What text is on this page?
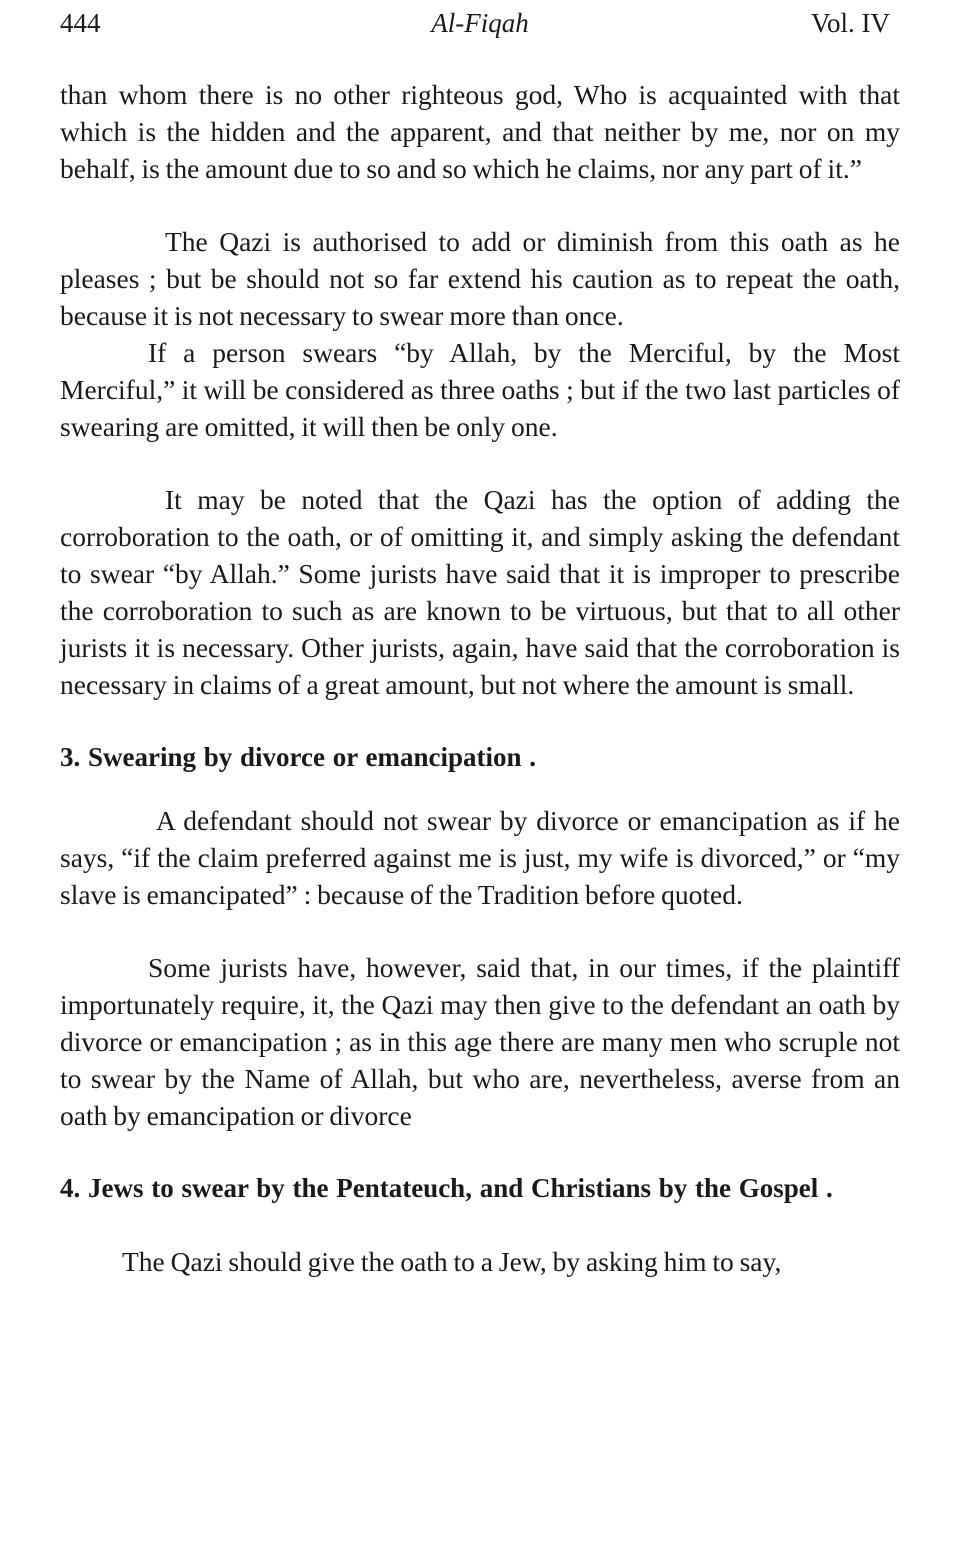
444	Al-Fiqah	Vol. IV

than whom there is no other righteous god, Who is acquainted with that which is the hidden and the apparent, and that neither by me, nor on my behalf, is the amount due to so and so which he claims, nor any part of it.”

The Qazi is authorised to add or diminish from this oath as he pleases ; but be should not so far extend his caution as to repeat the oath, because it is not necessary to swear more than once.

If a person swears “by Allah, by the Merciful, by the Most Merciful,” it will be considered as three oaths ; but if the two last particles of swearing are omitted, it will then be only one.

It may be noted that the Qazi has the option of adding the corroboration to the oath, or of omitting it, and simply asking the defendant to swear “by Allah.” Some jurists have said that it is improper to prescribe the corroboration to such as are known to be virtuous, but that to all other jurists it is necessary. Other jurists, again, have said that the corroboration is necessary in claims of a great amount, but not where the amount is small.

3. Swearing by divorce or emancipation .

A defendant should not swear by divorce or emancipation as if he says, “if the claim preferred against me is just, my wife is divorced,” or “my slave is emancipated” : because of the Tradition before quoted.

Some jurists have, however, said that, in our times, if the plaintiff importunately require, it, the Qazi may then give to the defendant an oath by divorce or emancipation ; as in this age there are many men who scruple not to swear by the Name of Allah, but who are, nevertheless, averse from an oath by emancipation or divorce

4. Jews to swear by the Pentateuch, and Christians by the Gospel .

The Qazi should give the oath to a Jew, by asking him to say,
